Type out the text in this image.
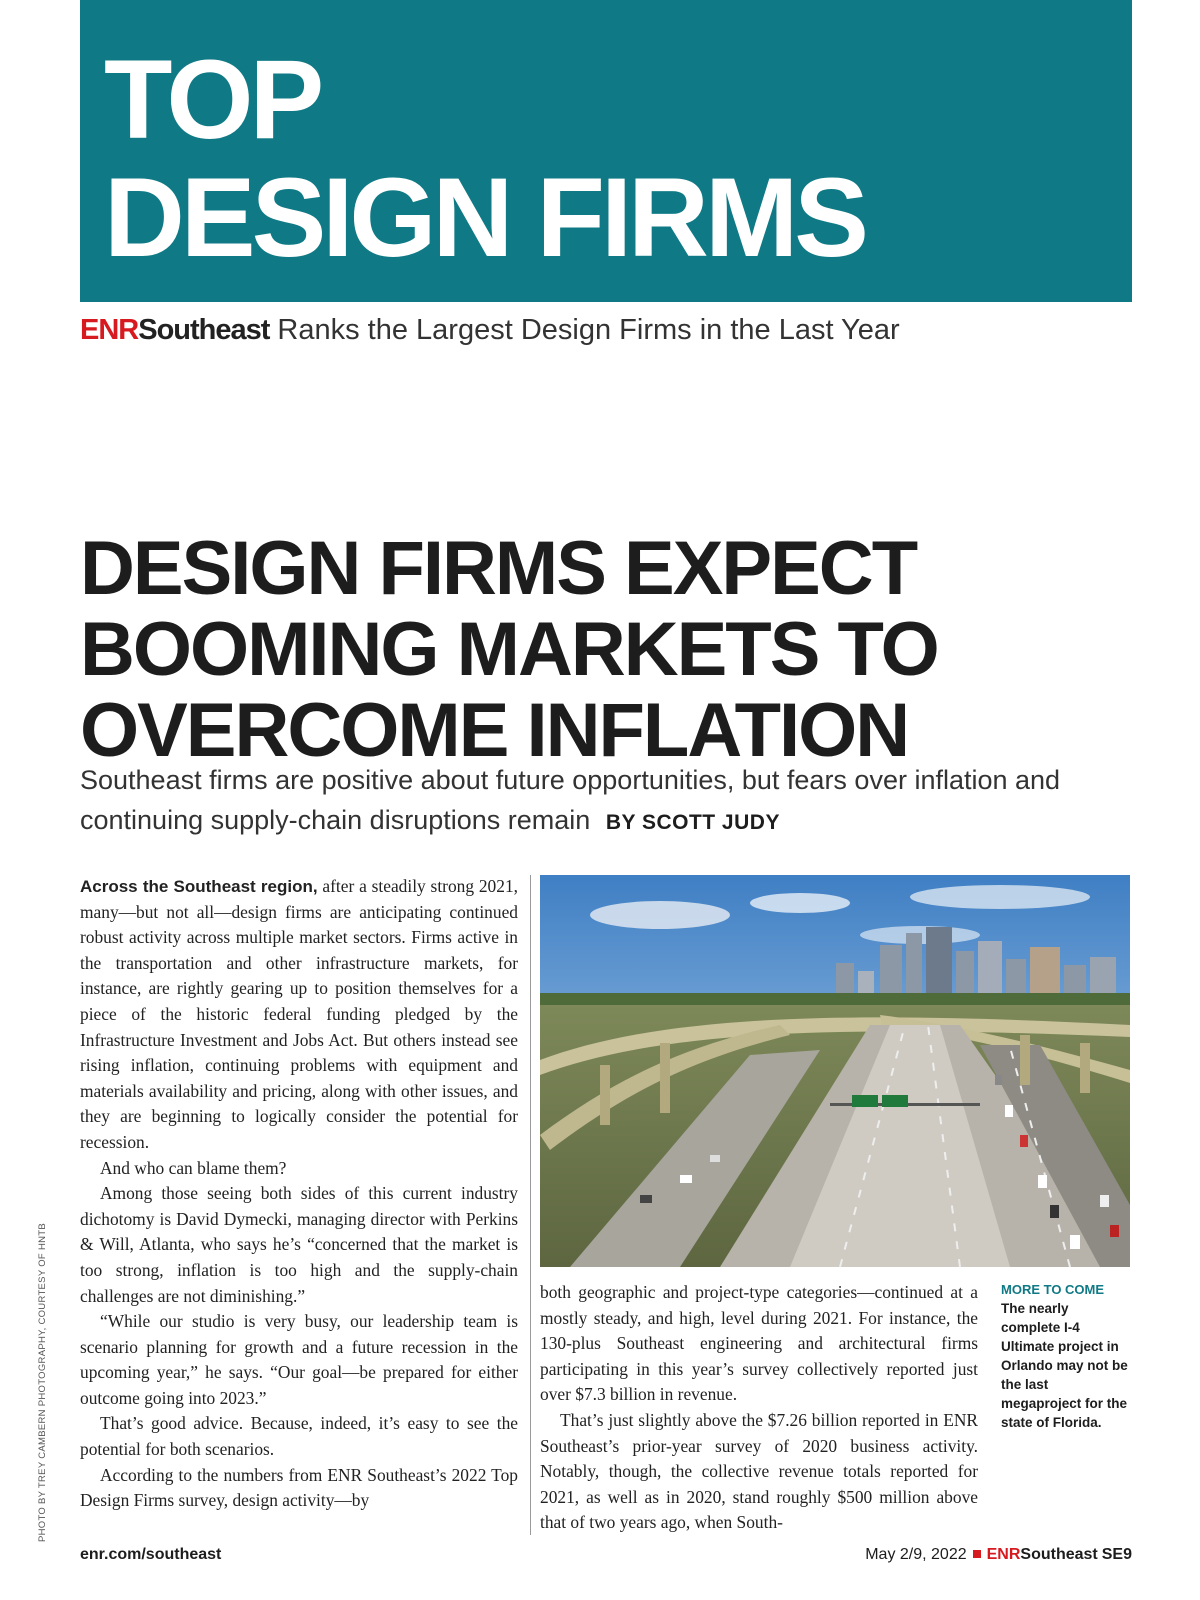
TOP
DESIGN FIRMS
ENRSoutheast Ranks the Largest Design Firms in the Last Year
DESIGN FIRMS EXPECT
BOOMING MARKETS TO
OVERCOME INFLATION
Southeast firms are positive about future opportunities, but fears over inflation and continuing supply-chain disruptions remain BY SCOTT JUDY
PHOTO BY TREY CAMBERN PHOTOGRAPHY, COURTESY OF HNTB

Across the Southeast region, after a steadily strong 2021, many—but not all—design firms are anticipating continued robust activity across multiple market sectors. Firms active in the transportation and other infrastructure markets, for instance, are rightly gearing up to position themselves for a piece of the historic federal funding pledged by the Infrastructure Investment and Jobs Act. But others instead see rising inflation, continuing problems with equipment and materials availability and pricing, along with other issues, and they are beginning to logically consider the potential for recession.

And who can blame them?

Among those seeing both sides of this current industry dichotomy is David Dymecki, managing director with Perkins & Will, Atlanta, who says he’s “concerned that the market is too strong, inflation is too high and the supply-chain challenges are not diminishing.”

“While our studio is very busy, our leadership team is scenario planning for growth and a future recession in the upcoming year,” he says. “Our goal—be prepared for either outcome going into 2023.”

That’s good advice. Because, indeed, it’s easy to see the potential for both scenarios.

According to the numbers from ENR Southeast’s 2022 Top Design Firms survey, design activity—by

both geographic and project-type categories—continued at a mostly steady, and high, level during 2021. For instance, the 130-plus Southeast engineering and architectural firms participating in this year’s survey collectively reported just over $7.3 billion in revenue.

That’s just slightly above the $7.26 billion reported in ENR Southeast’s prior-year survey of 2020 business activity. Notably, though, the collective revenue totals reported for 2021, as well as in 2020, stand roughly $500 million above that of two years ago, when South-

MORE TO COME
The nearly complete I-4 Ultimate project in Orlando may not be the last megaproject for the state of Florida.
enr.com/southeast	May 2/9, 2022 ENRSoutheast SE9
